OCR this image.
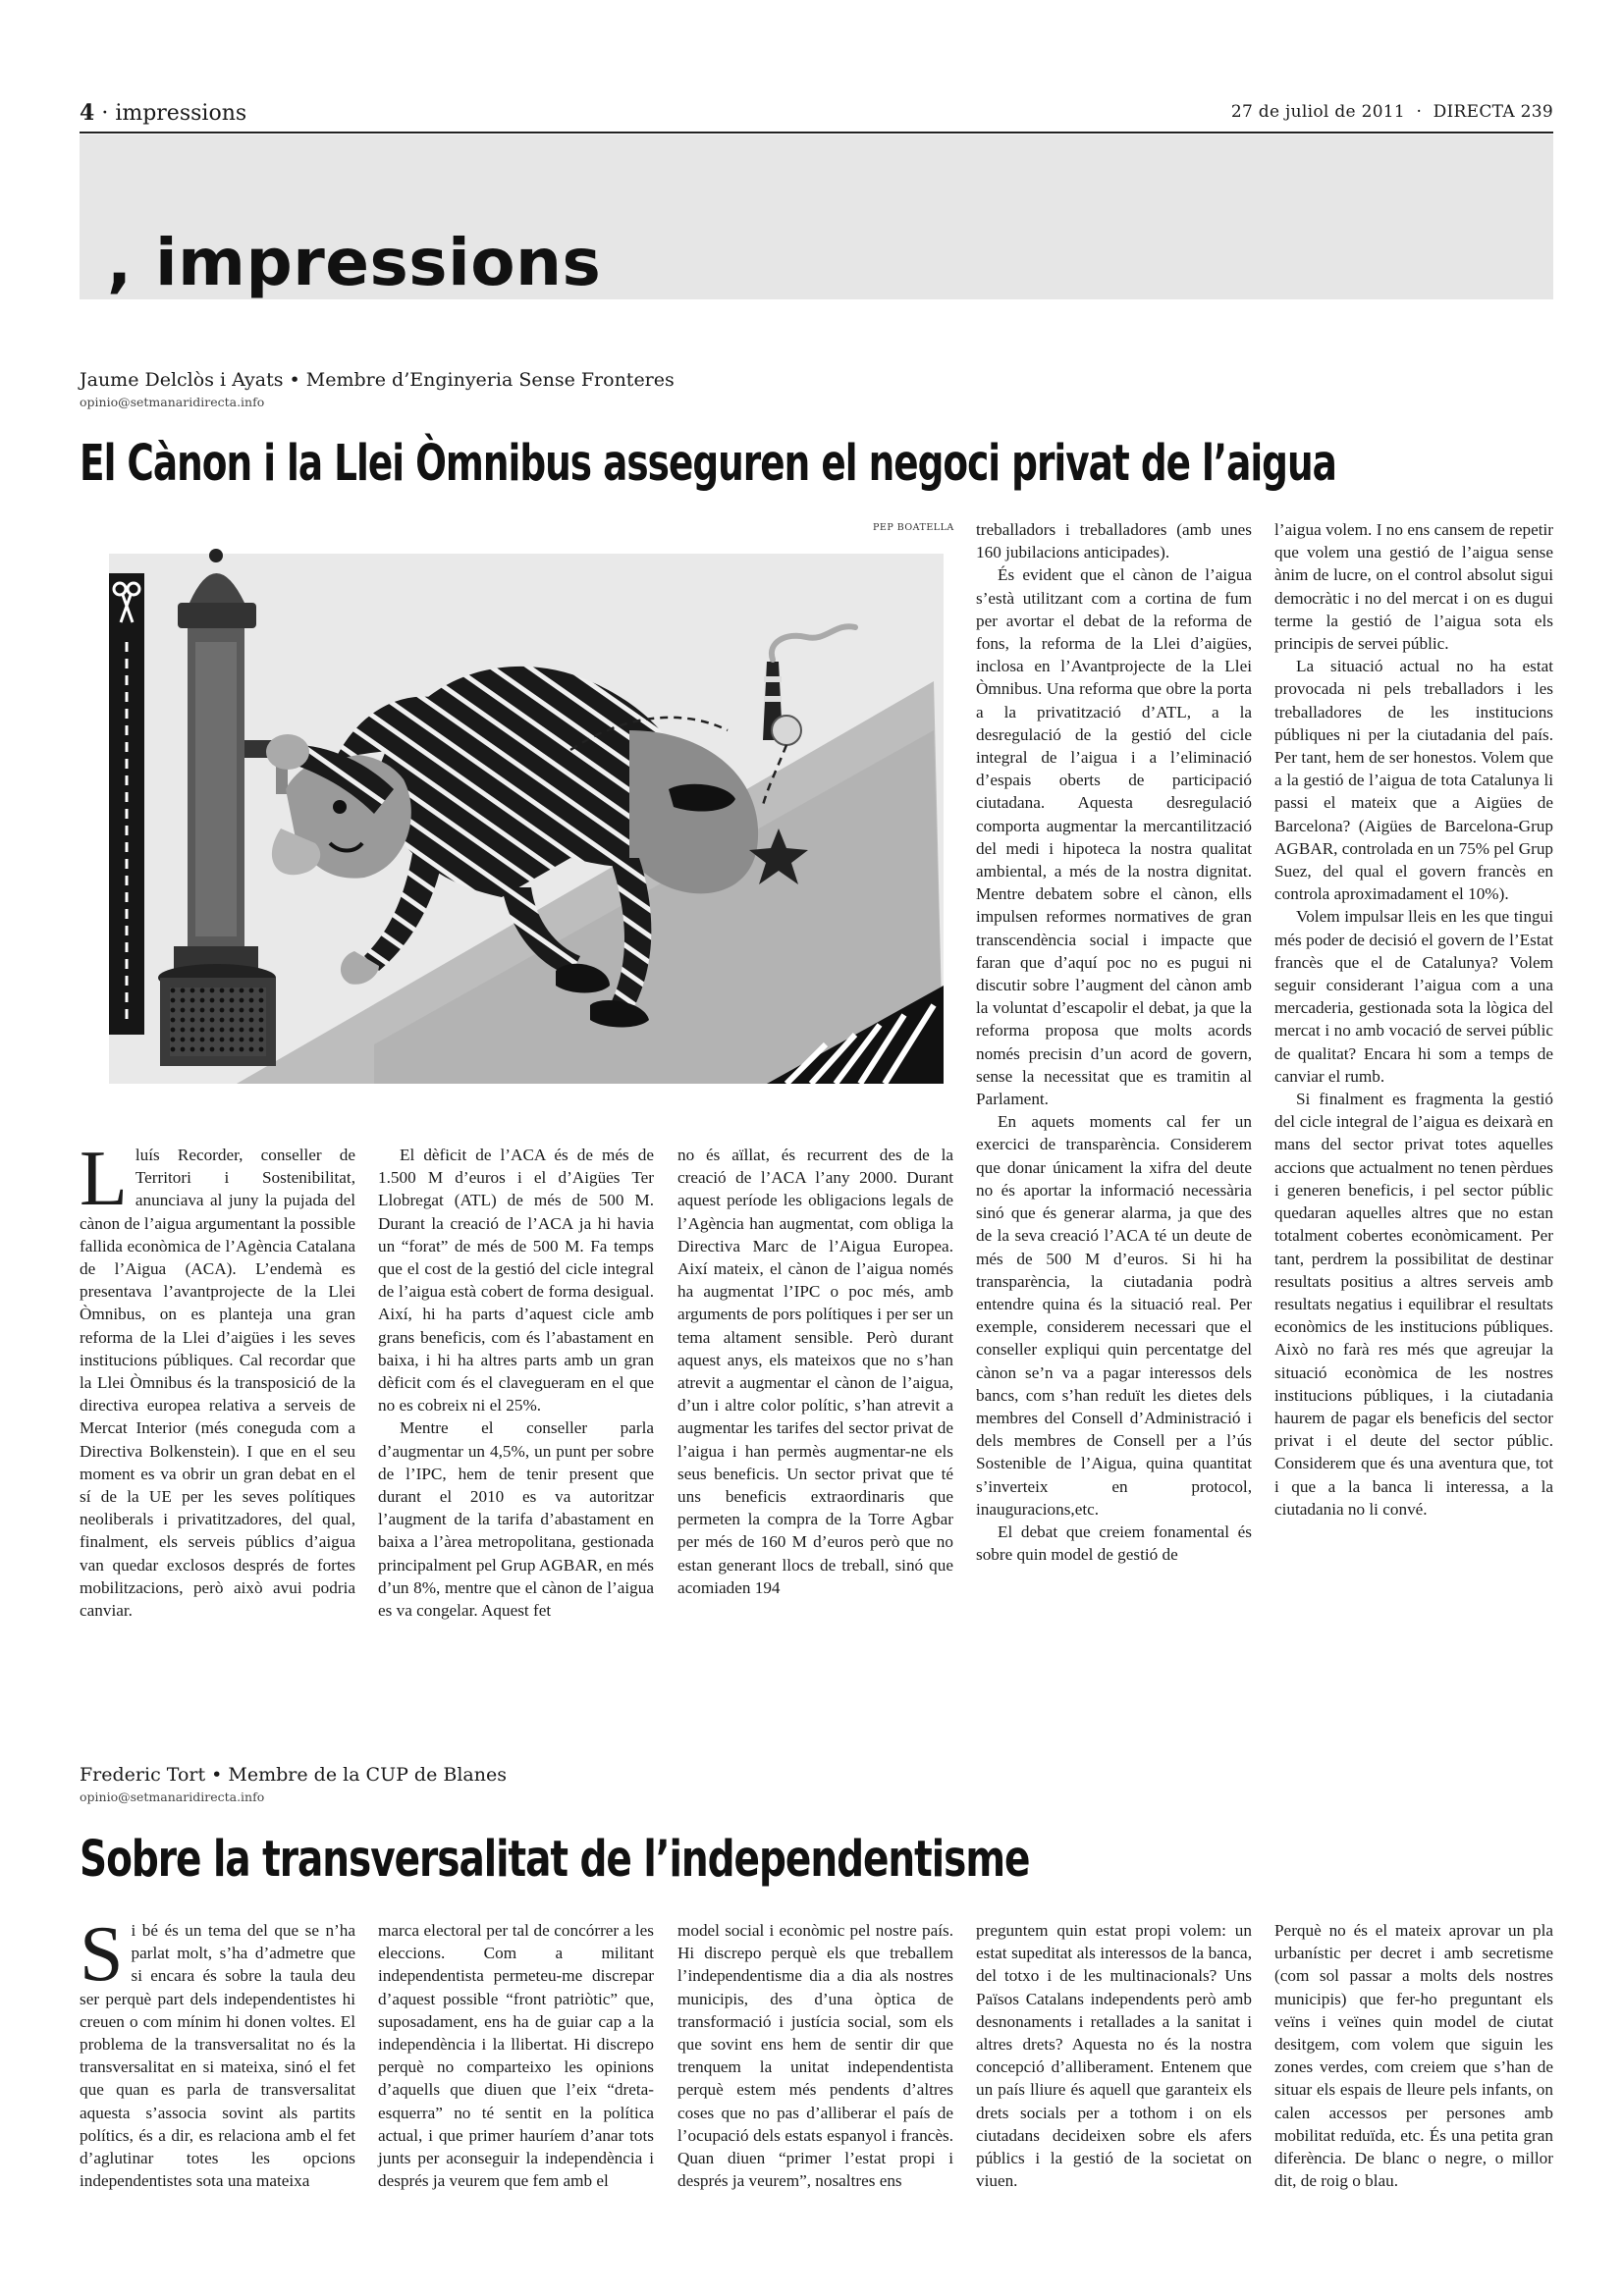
4 · impressions	27 de juliol de 2011  ·  DIRECTA 239
, impressions
Jaume Delclòs i Ayats • Membre d’Enginyeria Sense Fronteres
opinio@setmanaridirecta.info
El Cànon i la Llei Òmnibus asseguren el negoci privat de l’aigua
PEP BOATELLA
L luís Recorder, conseller de Territori i Sostenibilitat, anunciava al juny la pujada del cànon de l’aigua argumentant la possible fallida econòmica de l’Agència Catalana de l’Aigua (ACA). L’endemà es presentava l’avantprojecte de la Llei Òmnibus, on es planteja una gran reforma de la Llei d’aigües i les seves institucions públiques. Cal recordar que la Llei Òmnibus és la transposició de la directiva europea relativa a serveis de Mercat Interior (més coneguda com a Directiva Bolkenstein). I que en el seu moment es va obrir un gran debat en el sí de la UE per les seves polítiques neoliberals i privatitzadores, del qual, finalment, els serveis públics d’aigua van quedar exclosos després de fortes mobilitzacions, però això avui podria canviar.

El dèficit de l’ACA és de més de 1.500 M d’euros i el d’Aigües Ter Llobregat (ATL) de més de 500 M. Durant la creació de l’ACA ja hi havia un “forat” de més de 500 M. Fa temps que el cost de la gestió del cicle integral de l’aigua està cobert de forma desigual. Així, hi ha parts d’aquest cicle amb grans beneficis, com és l’abastament en baixa, i hi ha altres parts amb un gran dèficit com és el clavegueram en el que no es cobreix ni el 25%.

Mentre el conseller parla d’augmentar un 4,5%, un punt per sobre de l’IPC, hem de tenir present que durant el 2010 es va autoritzar l’augment de la tarifa d’abastament en baixa a l’àrea metropolitana, gestionada principalment pel Grup AGBAR, en més d’un 8%, mentre que el cànon de l’aigua es va congelar. Aquest fet

no és aïllat, és recurrent des de la creació de l’ACA l’any 2000. Durant aquest període les obligacions legals de l’Agència han augmentat, com obliga la Directiva Marc de l’Aigua Europea. Així mateix, el cànon de l’aigua només ha augmentat l’IPC o poc més, amb arguments de pors polítiques i per ser un tema altament sensible. Però durant aquest anys, els mateixos que no s’han atrevit a augmentar el cànon de l’aigua, d’un i altre color polític, s’han atrevit a augmentar les tarifes del sector privat de l’aigua i han permès augmentar-ne els seus beneficis. Un sector privat que té uns beneficis extraordinaris que permeten la compra de la Torre Agbar per més de 160 M d’euros però que no estan generant llocs de treball, sinó que acomiaden 194

treballadors i treballadores (amb unes 160 jubilacions anticipades).

És evident que el cànon de l’aigua s’està utilitzant com a cortina de fum per avortar el debat de la reforma de fons, la reforma de la Llei d’aigües, inclosa en l’Avantprojecte de la Llei Òmnibus. Una reforma que obre la porta a la privatització d’ATL, a la desregulació de la gestió del cicle integral de l’aigua i a l’eliminació d’espais oberts de participació ciutadana. Aquesta desregulació comporta augmentar la mercantilització del medi i hipoteca la nostra qualitat ambiental, a més de la nostra dignitat. Mentre debatem sobre el cànon, ells impulsen reformes normatives de gran transcendència social i impacte que faran que d’aquí poc no es pugui ni discutir sobre l’augment del cànon amb la voluntat d’escapolir el debat, ja que la reforma proposa que molts acords només precisin d’un acord de govern, sense la necessitat que es tramitin al Parlament.

En aquets moments cal fer un exercici de transparència. Considerem que donar únicament la xifra del deute no és aportar la informació necessària sinó que és generar alarma, ja que des de la seva creació l’ACA té un deute de més de 500 M d’euros. Si hi ha transparència, la ciutadania podrà entendre quina és la situació real. Per exemple, considerem necessari que el conseller expliqui quin percentatge del cànon se’n va a pagar interessos dels bancs, com s’han reduït les dietes dels membres del Consell d’Administració i dels membres de Consell per a l’ús Sostenible de l’Aigua, quina quantitat s’inverteix en protocol, inauguracions,etc.

El debat que creiem fonamental és sobre quin model de gestió de

l’aigua volem. I no ens cansem de repetir que volem una gestió de l’aigua sense ànim de lucre, on el control absolut sigui democràtic i no del mercat i on es dugui terme la gestió de l’aigua sota els principis de servei públic.

La situació actual no ha estat provocada ni pels treballadors i les treballadores de les institucions públiques ni per la ciutadania del país. Per tant, hem de ser honestos. Volem que a la gestió de l’aigua de tota Catalunya li passi el mateix que a Aigües de Barcelona? (Aigües de Barcelona-Grup AGBAR, controlada en un 75% pel Grup Suez, del qual el govern francès en controla aproximadament el 10%).

Volem impulsar lleis en les que tingui més poder de decisió el govern de l’Estat francès que el de Catalunya? Volem seguir considerant l’aigua com a una mercaderia, gestionada sota la lògica del mercat i no amb vocació de servei públic de qualitat? Encara hi som a temps de canviar el rumb.

Si finalment es fragmenta la gestió del cicle integral de l’aigua es deixarà en mans del sector privat totes aquelles accions que actualment no tenen pèrdues i generen beneficis, i pel sector públic quedaran aquelles altres que no estan totalment cobertes econòmicament. Per tant, perdrem la possibilitat de destinar resultats positius a altres serveis amb resultats negatius i equilibrar el resultats econòmics de les institucions públiques. Això no farà res més que agreujar la situació econòmica de les nostres institucions públiques, i la ciutadania haurem de pagar els beneficis del sector privat i el deute del sector públic. Considerem que és una aventura que, tot i que a la banca li interessa, a la ciutadania no li convé.

Frederic Tort • Membre de la CUP de Blanes
opinio@setmanaridirecta.info
Sobre la transversalitat de l’independentisme
S i bé és un tema del que se n’ha parlat molt, s’ha d’admetre que si encara és sobre la taula deu ser perquè part dels independentistes hi creuen o com mínim hi donen voltes. El problema de la transversalitat no és la transversalitat en si mateixa, sinó el fet que quan es parla de transversalitat aquesta s’associa sovint als partits polítics, és a dir, es relaciona amb el fet d’aglutinar totes les opcions independentistes sota una mateixa

marca electoral per tal de concórrer a les eleccions. Com a militant independentista permeteu-me discrepar d’aquest possible “front patriòtic” que, suposadament, ens ha de guiar cap a la independència i la llibertat. Hi discrepo perquè no comparteixo les opinions d’aquells que diuen que l’eix “dreta-esquerra” no té sentit en la política actual, i que primer hauríem d’anar tots junts per aconseguir la independència i després ja veurem que fem amb el

model social i econòmic pel nostre país. Hi discrepo perquè els que treballem l’independentisme dia a dia als nostres municipis, des d’una òptica de transformació i justícia social, som els que sovint ens hem de sentir dir que trenquem la unitat independentista perquè estem més pendents d’altres coses que no pas d’alliberar el país de l’ocupació dels estats espanyol i francès. Quan diuen “primer l’estat propi i després ja veurem”, nosaltres ens

preguntem quin estat propi volem: un estat supeditat als interessos de la banca, del totxo i de les multinacionals? Uns Països Catalans independents però amb desnonaments i retallades a la sanitat i altres drets? Aquesta no és la nostra concepció d’alliberament. Entenem que un país lliure és aquell que garanteix els drets socials per a tothom i on els ciutadans decideixen sobre els afers públics i la gestió de la societat on viuen.

Perquè no és el mateix aprovar un pla urbanístic per decret i amb secretisme (com sol passar a molts dels nostres municipis) que fer-ho preguntant els veïns i veïnes quin model de ciutat desitgem, com volem que siguin les zones verdes, com creiem que s’han de situar els espais de lleure pels infants, on calen accessos per persones amb mobilitat reduïda, etc. És una petita gran diferència. De blanc o negre, o millor dit, de roig o blau.
